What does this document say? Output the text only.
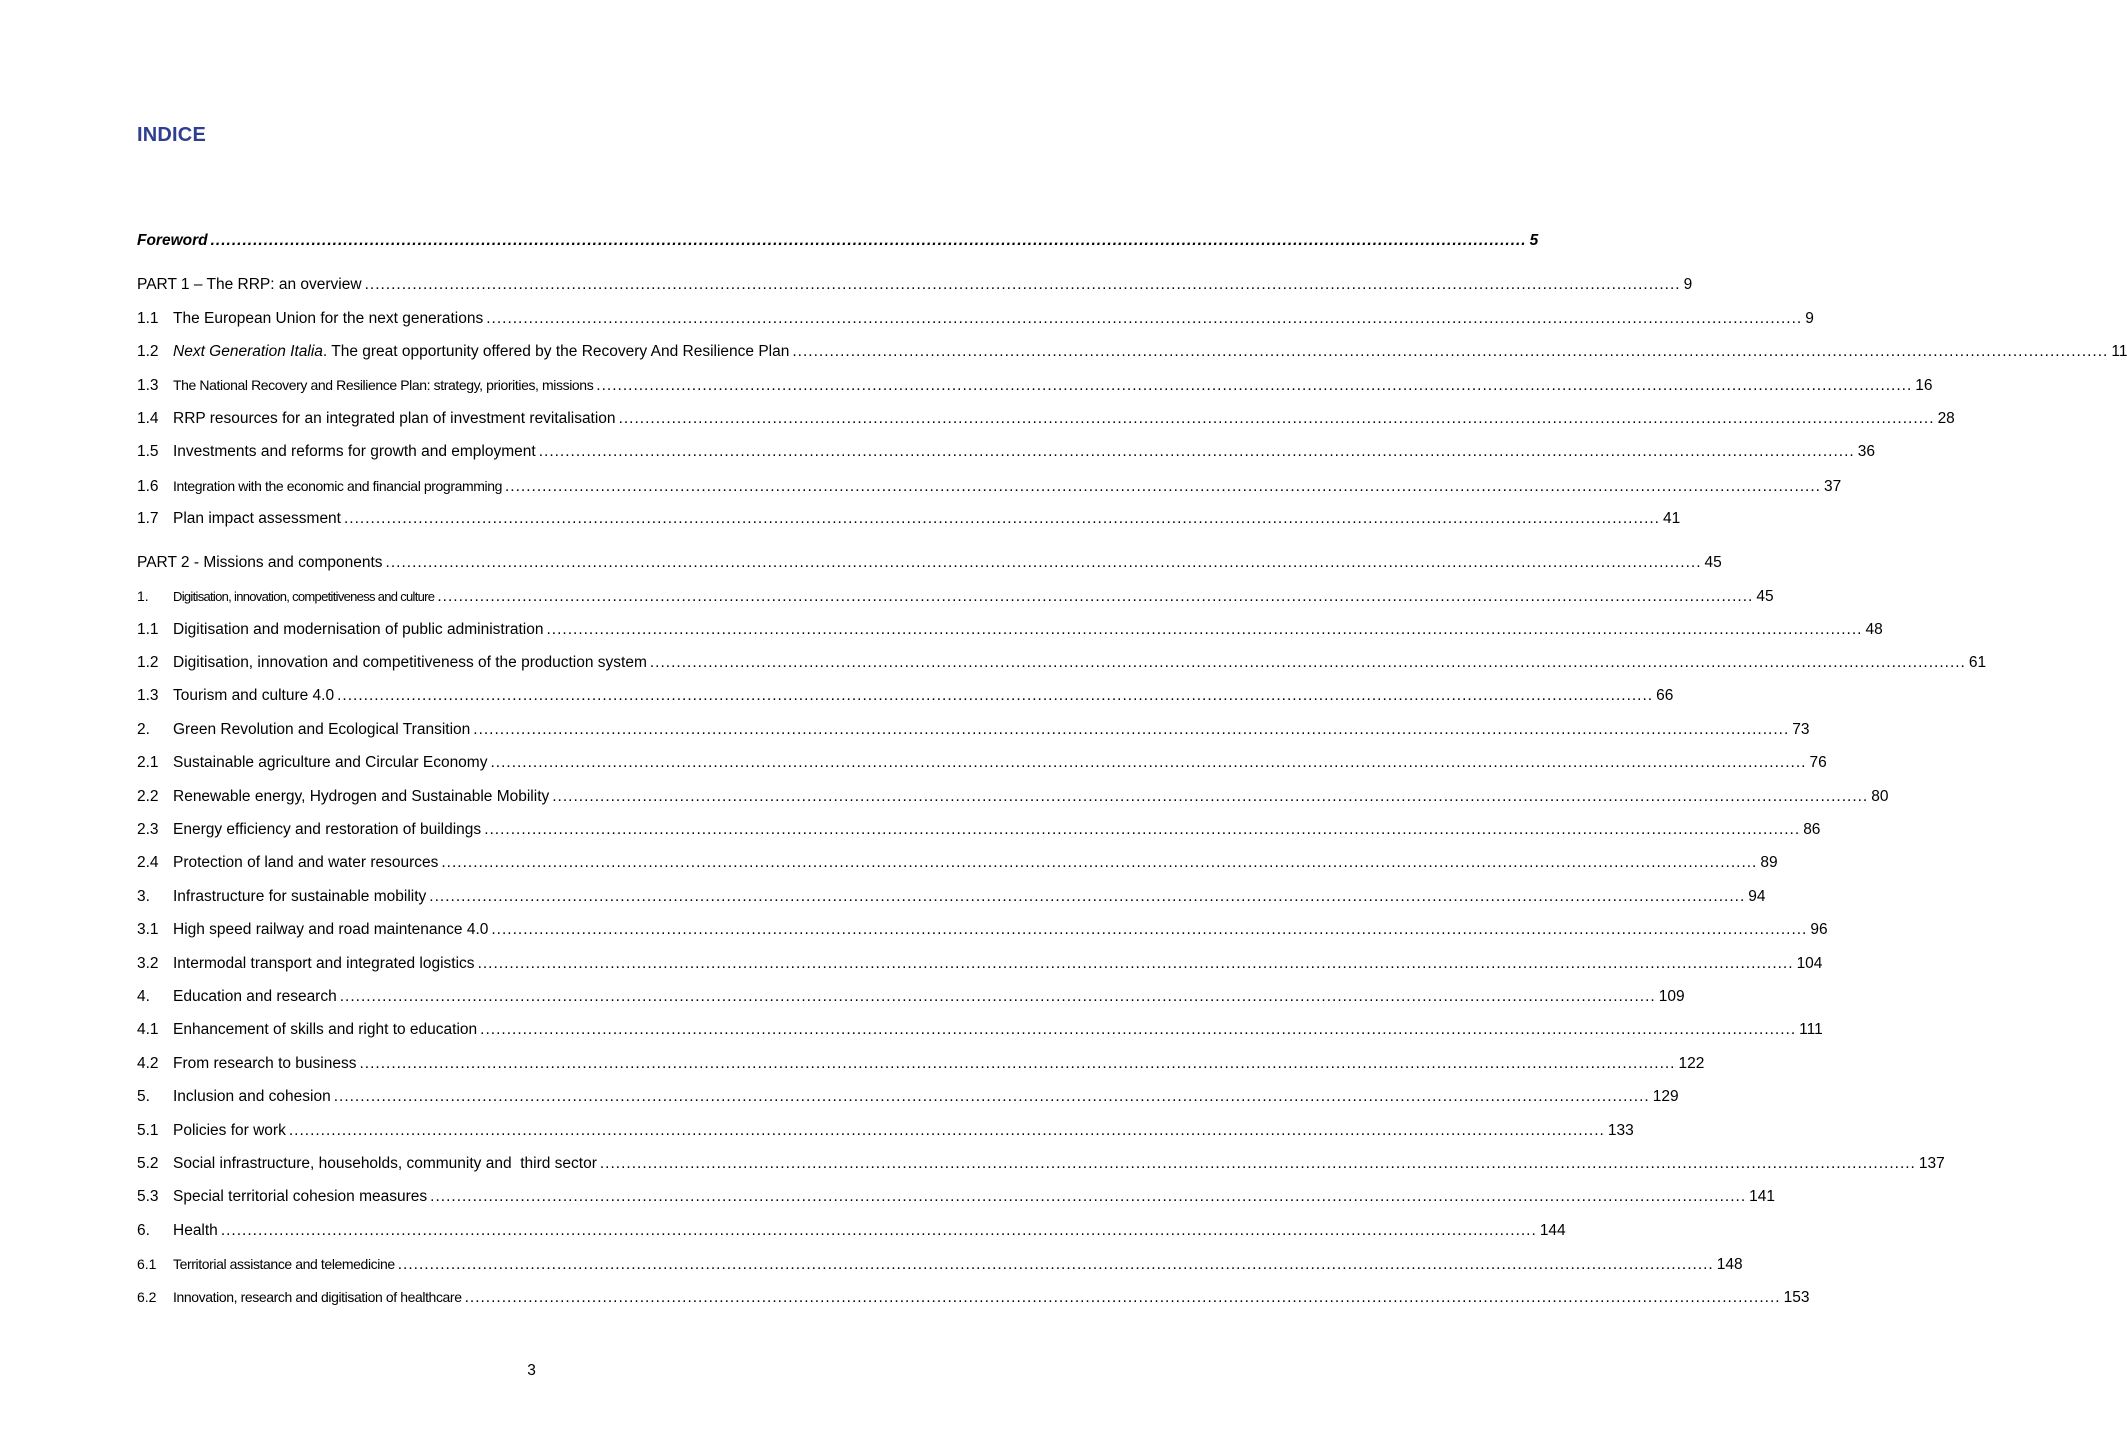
INDICE
Foreword .....	5
PART 1 – The RRP: an overview .....	9
1.1 The European Union for the next generations .....	9
1.2 Next Generation Italia. The great opportunity offered by the Recovery And Resilience Plan .....	11
1.3	The National Recovery and Resilience Plan: strategy, priorities, missions .....	16
1.4 RRP resources for an integrated plan of investment revitalisation .....	28
1.5 Investments and reforms for growth and employment .....	36
1.6	Integration with the economic and financial programming .....	37
1.7 Plan impact assessment .....	41
PART 2 - Missions and components .....	45
1.	Digitisation, innovation, competitiveness and culture .....	45
1.1 Digitisation and modernisation of public administration .....	48
1.2 Digitisation, innovation and competitiveness of the production system .....	61
1.3 Tourism and culture 4.0 .....	66
2.	Green Revolution and Ecological Transition .....	73
2.1 Sustainable agriculture and Circular Economy .....	76
2.2 Renewable energy, Hydrogen and Sustainable Mobility .....	80
2.3 Energy efficiency and restoration of buildings .....	86
2.4 Protection of land and water resources .....	89
3.	Infrastructure for sustainable mobility .....	94
3.1 High speed railway and road maintenance 4.0 .....	96
3.2 Intermodal transport and integrated logistics .....	104
4.	Education and research .....	109
4.1 Enhancement of skills and right to education .....	111
4.2 From research to business .....	122
5.	Inclusion and cohesion .....	129
5.1 Policies for work .....	133
5.2 Social infrastructure, households, community and  third sector .....	137
5.3 Special territorial cohesion measures .....	141
6.	Health .....	144
6.1	Territorial assistance and telemedicine .....	148
6.2	Innovation, research and digitisation of healthcare .....	153
3
